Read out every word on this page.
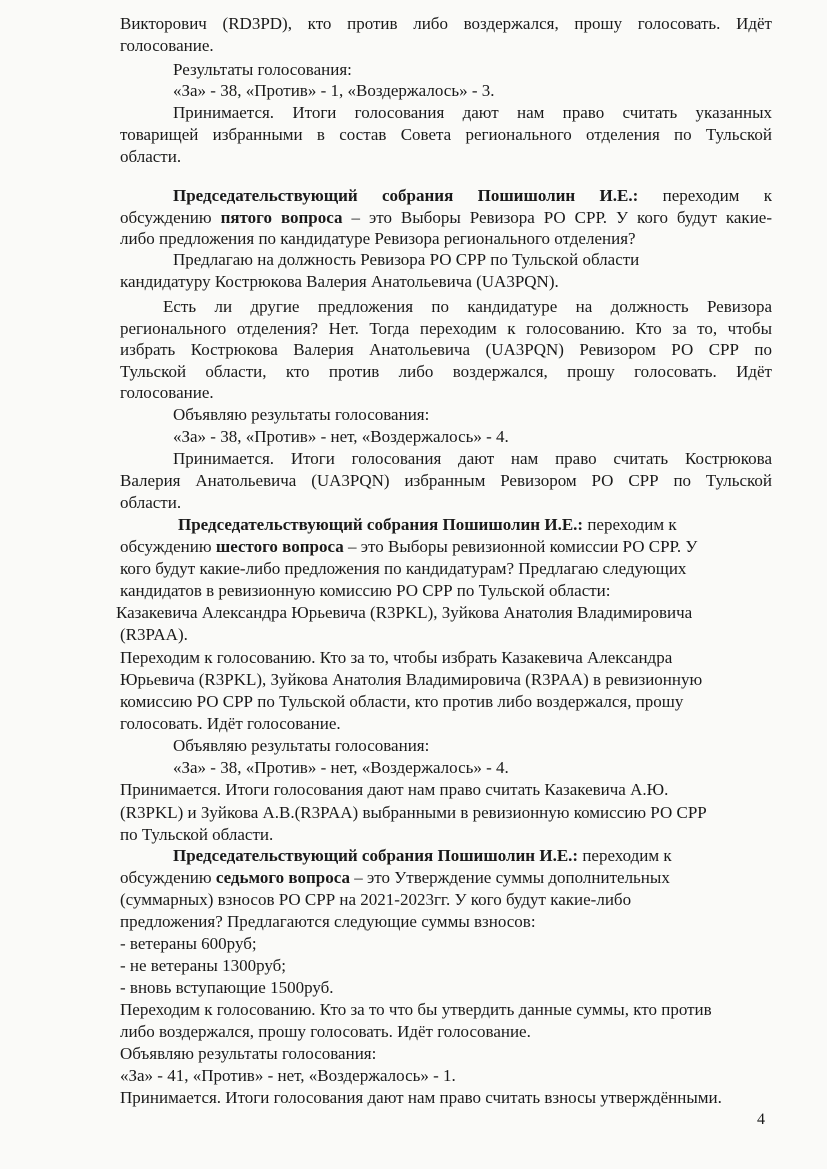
Викторович (RD3PD), кто против либо воздержался, прошу голосовать. Идёт
голосование.
Результаты голосования:
«За» - 38, «Против» - 1, «Воздержалось» - 3.
Принимается. Итоги голосования дают нам право считать указанных
товарищей избранными в состав Совета регионального отделения по Тульской
области.
Председательствующий собрания Пошишолин И.Е.: переходим к
обсуждению пятого вопроса – это Выборы Ревизора РО СРР. У кого будут какие-
либо предложения по кандидатуре Ревизора регионального отделения?
Предлагаю на должность Ревизора РО СРР по Тульской области
кандидатуру Кострюкова Валерия Анатольевича (UA3PQN).
Есть ли другие предложения по кандидатуре на должность Ревизора
регионального отделения? Нет. Тогда переходим к голосованию. Кто за то, чтобы
избрать Кострюкова Валерия Анатольевича (UA3PQN) Ревизором РО СРР по
Тульской области, кто против либо воздержался, прошу голосовать. Идёт
голосование.
Объявляю результаты голосования:
«За» - 38, «Против» - нет, «Воздержалось» - 4.
Принимается. Итоги голосования дают нам право считать Кострюкова
Валерия Анатольевича (UA3PQN) избранным Ревизором РО СРР по Тульской
области.
Председательствующий собрания Пошишолин И.Е.: переходим к
обсуждению шестого вопроса – это Выборы ревизионной комиссии РО СРР. У
кого будут какие-либо предложения по кандидатурам? Предлагаю следующих
кандидатов в ревизионную комиссию РО СРР по Тульской области:
Казакевича Александра Юрьевича (R3PKL), Зуйкова Анатолия Владимировича
(R3PAA).
Переходим к голосованию. Кто за то, чтобы избрать Казакевича Александра
Юрьевича (R3PKL), Зуйкова Анатолия Владимировича (R3PAA) в ревизионную
комиссию РО СРР по Тульской области, кто против либо воздержался, прошу
голосовать. Идёт голосование.
Объявляю результаты голосования:
«За» - 38, «Против» - нет, «Воздержалось» - 4.
Принимается. Итоги голосования дают нам право считать Казакевича А.Ю.
(R3PKL) и Зуйкова А.В.(R3PAA) выбранными в ревизионную комиссию РО СРР
по Тульской области.
Председательствующий собрания Пошишолин И.Е.: переходим к
обсуждению седьмого вопроса – это Утверждение суммы дополнительных
(суммарных) взносов РО СРР на 2021-2023гг. У кого будут какие-либо
предложения? Предлагаются следующие суммы взносов:
- ветераны 600руб;
- не ветераны 1300руб;
- вновь вступающие 1500руб.
Переходим к голосованию. Кто за то что бы утвердить данные суммы, кто против
либо воздержался, прошу голосовать. Идёт голосование.
Объявляю результаты голосования:
«За» - 41, «Против» - нет, «Воздержалось» - 1.
Принимается. Итоги голосования дают нам право считать взносы утверждёнными.
4
